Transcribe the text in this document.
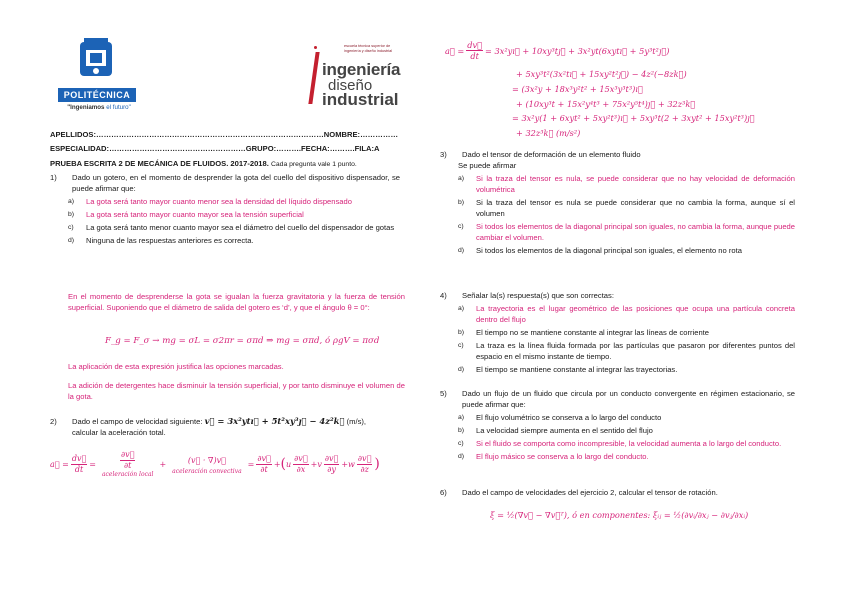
POLITÉCNICA
"Ingeniamos el futuro"
escuela técnica superior de ingeniería y diseño industrial
ingeniería
diseño
industrial
APELLIDOS:………………………………………………………………………………NOMBRE:……………
ESPECIALIDAD:………………………………………………GRUPO:……….FECHA:……….FILA:A
PRUEBA ESCRITA 2 DE MECÁNICA DE FLUIDOS. 2017-2018. Cada pregunta vale 1 punto.
1)	Dado un gotero, en el momento de desprender la gota del cuello del dispositivo dispensador, se puede afirmar que:
a)	La gota será tanto mayor cuanto menor sea la densidad del líquido dispensado
b)	La gota será tanto mayor cuanto mayor sea la tensión superficial
c)	La gota será tanto menor cuanto mayor sea el diámetro del cuello del dispensador de gotas
d)	Ninguna de las respuestas anteriores es correcta.
En el momento de desprenderse la gota se igualan la fuerza gravitatoria y la fuerza de tensión superficial. Suponiendo que el diámetro de salida del gotero es ‘d’, y que el ángulo θ = 0°:
F_g = F_σ → mg = σL = σ2πr = σπd ⇒ mg = σπd, ó ρgV = πσd
La aplicación de esta expresión justifica las opciones marcadas.
La adición de detergentes hace disminuir la tensión superficial, y por tanto disminuye el volumen de la gota.
2)	Dado el campo de velocidad siguiente: v⃗ = 3x²ytı⃗ + 5t²xy³ȷ⃗ − 4z²k⃗ (m/s),
calcular la aceleración total.
a⃗ = $\frac{dv⃗}{dt}$ =	$\frac{\partial v⃗}{\partial t}$
aceleración local
+	(v⃗ · ∇)v⃗
aceleración convectiva
= $\frac{\partial v⃗}{\partial t}$ + ( u $\frac{\partial v⃗}{\partial x} + v \frac{\partial v⃗}{\partial y} + w \frac{\partial v⃗}{\partial z}$ )
a⃗ = $\frac{dv⃗}{dt}$ = 3x²yı⃗ + 10xy³tȷ⃗ + 3x²yt(6xytı⃗ + 5y³t²ȷ⃗)
+ 5xy³t²(3x²tı⃗ + 15xy²t²ȷ⃗) − 4z²(−8zk⃗)
= (3x²y + 18x³y²t² + 15x³y³t³)ı⃗
+ (10xy³t + 15x²y⁴t³ + 75x²y⁵t⁴)ȷ⃗ + 32z³k⃗
= 3x²y(1 + 6xyt² + 5xy²t³)ı⃗ + 5xy³t(2 + 3xyt² + 15xy²t³)ȷ⃗
+ 32z³k⃗ (m/s²)
3)	Dado el tensor de deformación de un elemento fluido
Se puede afirmar
a)	Si la traza del tensor es nula, se puede considerar que no hay velocidad de deformación volumétrica
b)	Si la traza del tensor es nula se puede considerar que no cambia la forma, aunque sí el volumen
c)	Si todos los elementos de la diagonal principal son iguales, no cambia la forma, aunque puede cambiar el volumen.
d)	Si todos los elementos de la diagonal principal son iguales, el elemento no rota
4)	Señalar la(s) respuesta(s) que son correctas:
a)	La trayectoria es el lugar geométrico de las posiciones que ocupa una partícula concreta dentro del flujo
b)	El tiempo no se mantiene constante al integrar las líneas de corriente
c)	La traza es la línea fluida formada por las partículas que pasaron por diferentes puntos del espacio en el mismo instante de tiempo.
d)	El tiempo se mantiene constante al integrar las trayectorias.
5)	Dado un flujo de un fluido que circula por un conducto convergente en régimen estacionario, se puede afirmar que:
a)	El flujo volumétrico se conserva a lo largo del conducto
b)	La velocidad siempre aumenta en el sentido del flujo
c)	Si el fluido se comporta como incompresible, la velocidad aumenta a lo largo del conducto.
d)	El flujo másico se conserva a lo largo del conducto.
6)	Dado el campo de velocidades del ejercicio 2, calcular el tensor de rotación.
ξ = ½(∇v⃗ − ∇v⃗ᵀ), ó en componentes: ξᵢⱼ = ½(∂vᵢ/∂xⱼ − ∂vⱼ/∂xᵢ)
